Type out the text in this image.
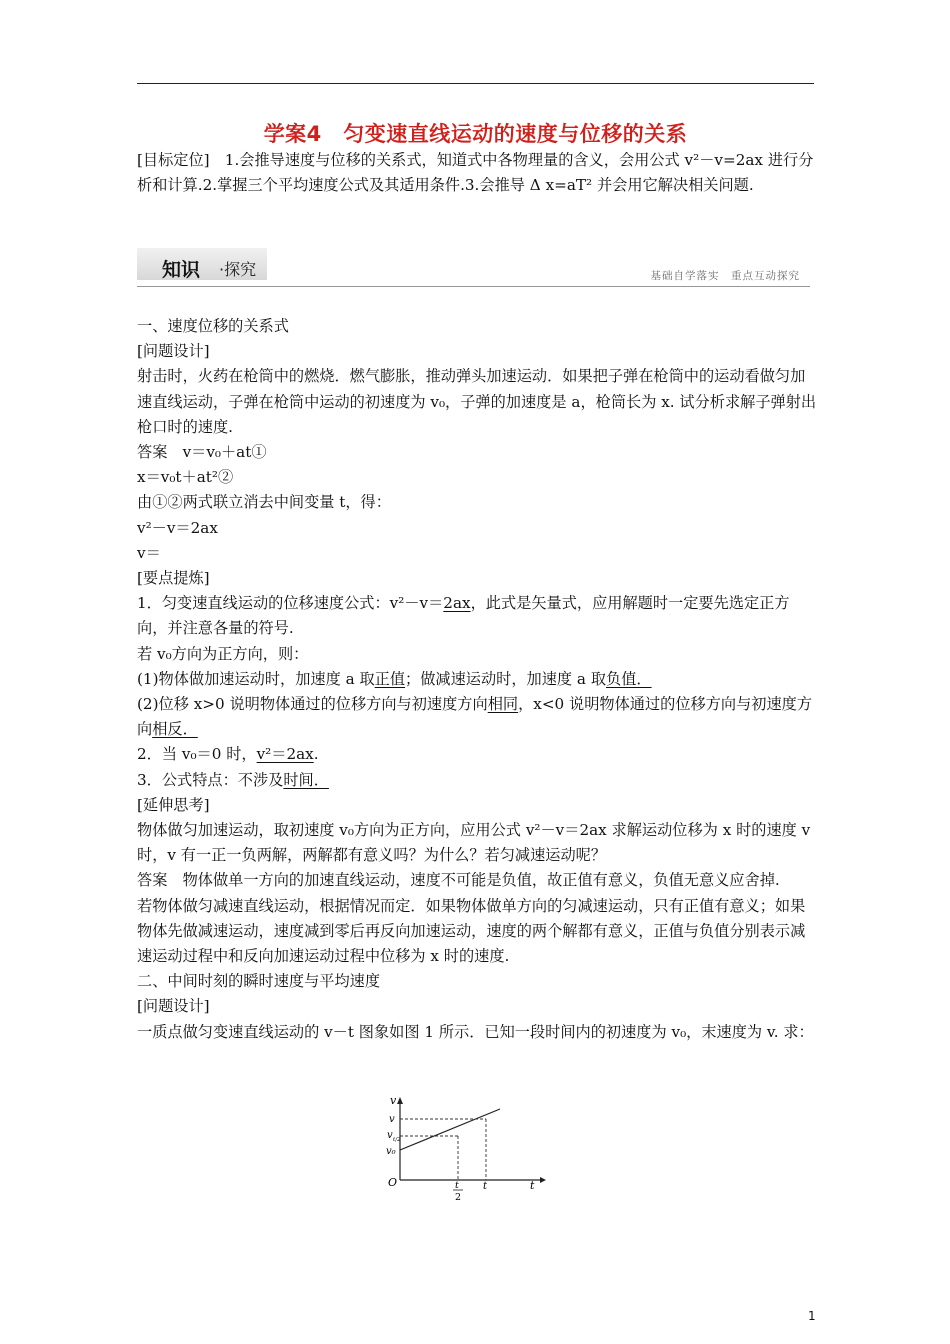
学案4　匀变速直线运动的速度与位移的关系
[目标定位]　1.会推导速度与位移的关系式，知道式中各物理量的含义，会用公式 v²－v=2ax 进行分析和计算.2.掌握三个平均速度公式及其适用条件.3.会推导 Δ x=aT² 并会用它解决相关问题.
知识 ·探究	基础自学落实　重点互动探究

一、速度位移的关系式

[问题设计]

射击时，火药在枪筒中的燃烧．燃气膨胀，推动弹头加速运动．如果把子弹在枪筒中的运动看做匀加速直线运动，子弹在枪筒中运动的初速度为 v₀，子弹的加速度是 a，枪筒长为 x. 试分析求解子弹射出枪口时的速度.

答案　v＝v₀＋at①

x＝v₀t＋at²②

由①②两式联立消去中间变量 t，得：

v²－v＝2ax

v＝

[要点提炼]

1．匀变速直线运动的位移速度公式：v²－v＝2ax，此式是矢量式，应用解题时一定要先选定正方向，并注意各量的符号.

若 v₀方向为正方向，则：

(1)物体做加速运动时，加速度 a 取正值；做减速运动时，加速度 a 取负值．

(2)位移 x>0 说明物体通过的位移方向与初速度方向相同，x<0 说明物体通过的位移方向与初速度方向相反．

2．当 v₀＝0 时，v²＝2ax.

3．公式特点：不涉及时间．

[延伸思考]

物体做匀加速运动，取初速度 v₀方向为正方向，应用公式 v²－v＝2ax 求解运动位移为 x 时的速度 v 时，v 有一正一负两解，两解都有意义吗？为什么？若匀减速运动呢？

答案　物体做单一方向的加速直线运动，速度不可能是负值，故正值有意义，负值无意义应舍掉.

若物体做匀减速直线运动，根据情况而定．如果物体做单方向的匀减速运动，只有正值有意义；如果物体先做减速运动，速度减到零后再反向加速运动，速度的两个解都有意义，正值与负值分别表示减速运动过程中和反向加速运动过程中位移为 x 时的速度.

二、中间时刻的瞬时速度与平均速度

[问题设计]

一质点做匀变速直线运动的 v－t 图象如图 1 所示．已知一段时间内的初速度为 v₀，末速度为 v. 求：

v
v
v t/2
v₀
O	t
2
t	t
1
